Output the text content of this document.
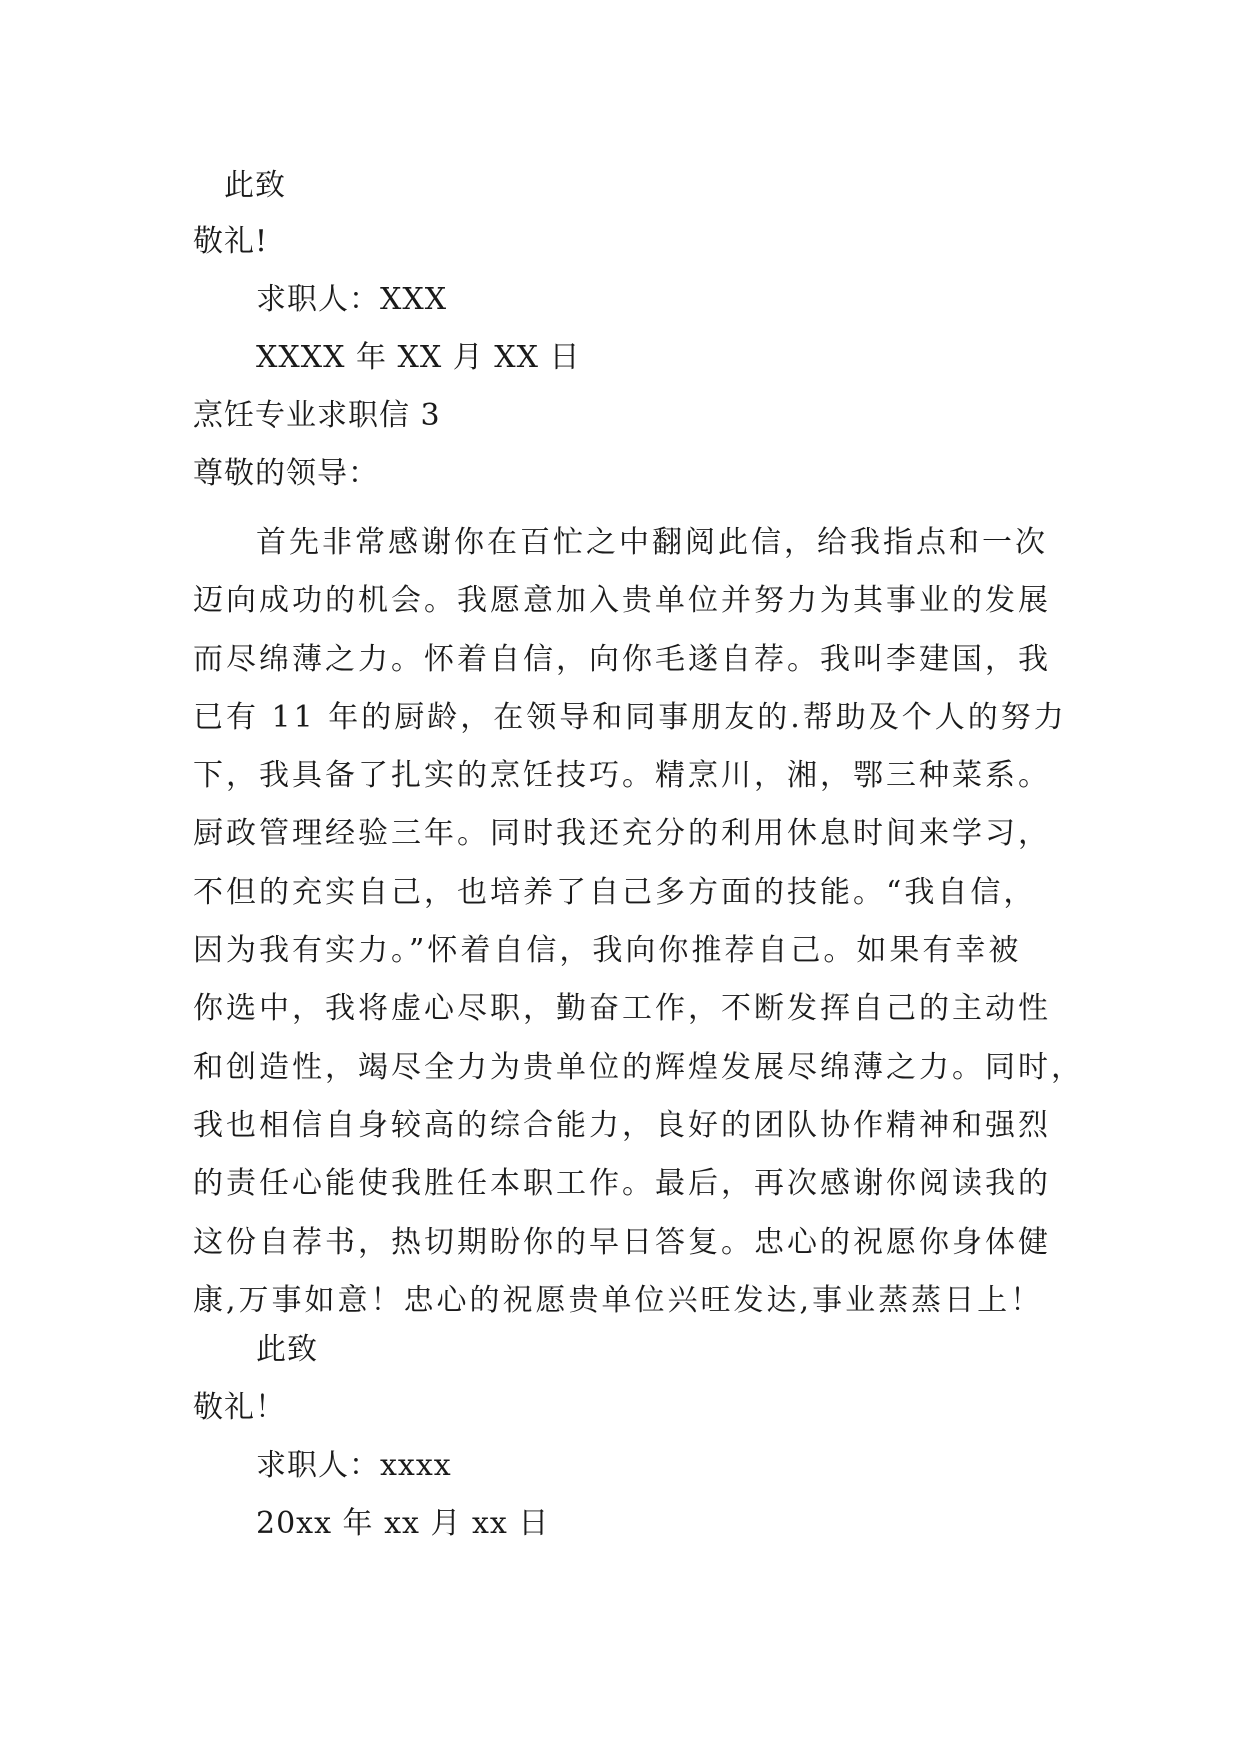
此致
敬礼!
求职人：XXX
XXXX 年 XX 月 XX 日
烹饪专业求职信 3
尊敬的领导：
首先非常感谢你在百忙之中翻阅此信，给我指点和一次
迈向成功的机会。我愿意加入贵单位并努力为其事业的发展
而尽绵薄之力。怀着自信，向你毛遂自荐。我叫李建国，我
已有 11 年的厨龄，在领导和同事朋友的.帮助及个人的努力
下，我具备了扎实的烹饪技巧。精烹川，湘，鄂三种菜系。
厨政管理经验三年。同时我还充分的利用休息时间来学习，
不但的充实自己，也培养了自己多方面的技能。“我自信，
因为我有实力。”怀着自信，我向你推荐自己。如果有幸被
你选中，我将虚心尽职，勤奋工作，不断发挥自己的主动性
和创造性，竭尽全力为贵单位的辉煌发展尽绵薄之力。同时，
我也相信自身较高的综合能力，良好的团队协作精神和强烈
的责任心能使我胜任本职工作。最后，再次感谢你阅读我的
这份自荐书，热切期盼你的早日答复。忠心的祝愿你身体健
康,万事如意！忠心的祝愿贵单位兴旺发达,事业蒸蒸日上！
此致
敬礼！
求职人：xxxx
20xx 年 xx 月 xx 日
